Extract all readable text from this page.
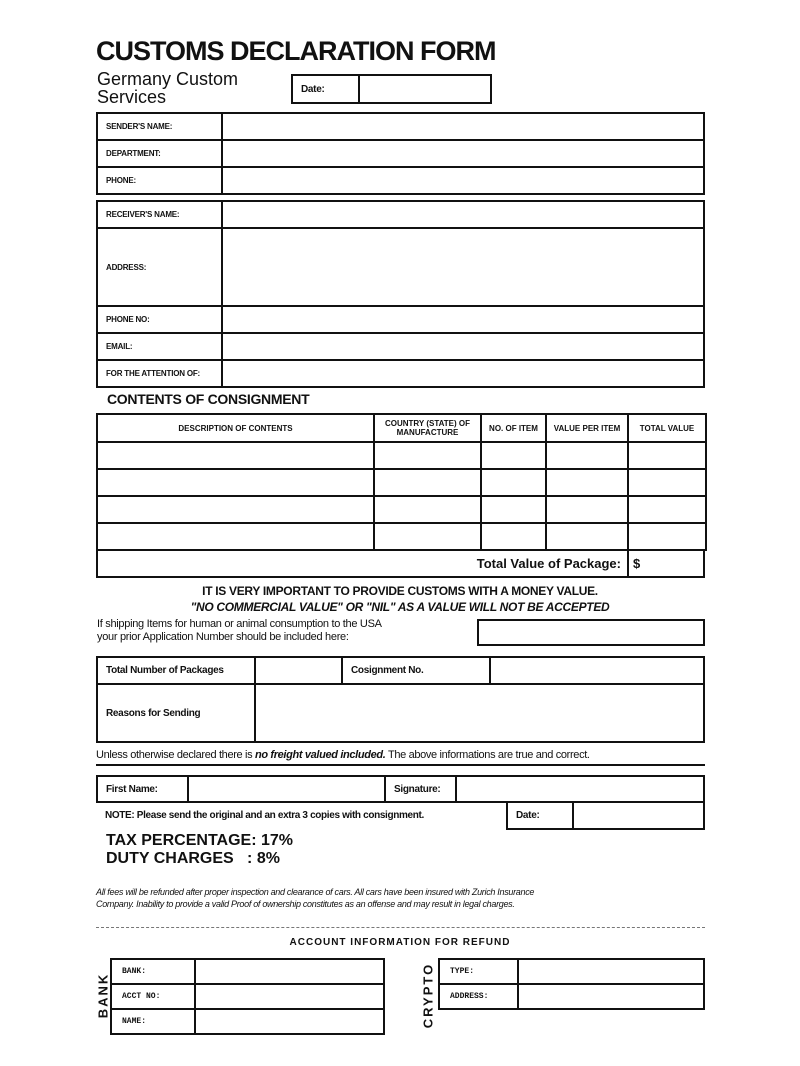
CUSTOMS DECLARATION FORM
Germany Custom
Services	Date:
SENDER'S NAME:
DEPARTMENT:
PHONE:
RECEIVER'S NAME:
ADDRESS:
PHONE NO:
EMAIL:
FOR THE ATTENTION OF:
CONTENTS OF CONSIGNMENT
DESCRIPTION OF CONTENTS	COUNTRY (STATE) OF MANUFACTURE	NO. OF ITEM	VALUE PER ITEM	TOTAL VALUE
Total Value of Package: $
IT IS VERY IMPORTANT TO PROVIDE CUSTOMS WITH A MONEY VALUE.
"NO COMMERCIAL VALUE" OR "NIL" AS A VALUE WILL NOT BE ACCEPTED
If shipping Items for human or animal consumption to the USA
your prior Application Number should be included here:
Total Number of Packages	Cosignment No.
Reasons for Sending
Unless otherwise declared there is no freight valued included. The above informations are true and correct.
First Name:	Signature:
NOTE: Please send the original and an extra 3 copies with consignment.	Date:
TAX PERCENTAGE: 17%
DUTY CHARGES   : 8%
All fees will be refunded after proper inspection and clearance of cars. All cars have been insured with Zurich Insurance
Company. Inability to provide a valid Proof of ownership constitutes as an offense and may result in legal charges.
ACCOUNT INFORMATION FOR REFUND
BANK	CRYPTO
BANK:
ACCT NO:
NAME:
TYPE:
ADDRESS:
